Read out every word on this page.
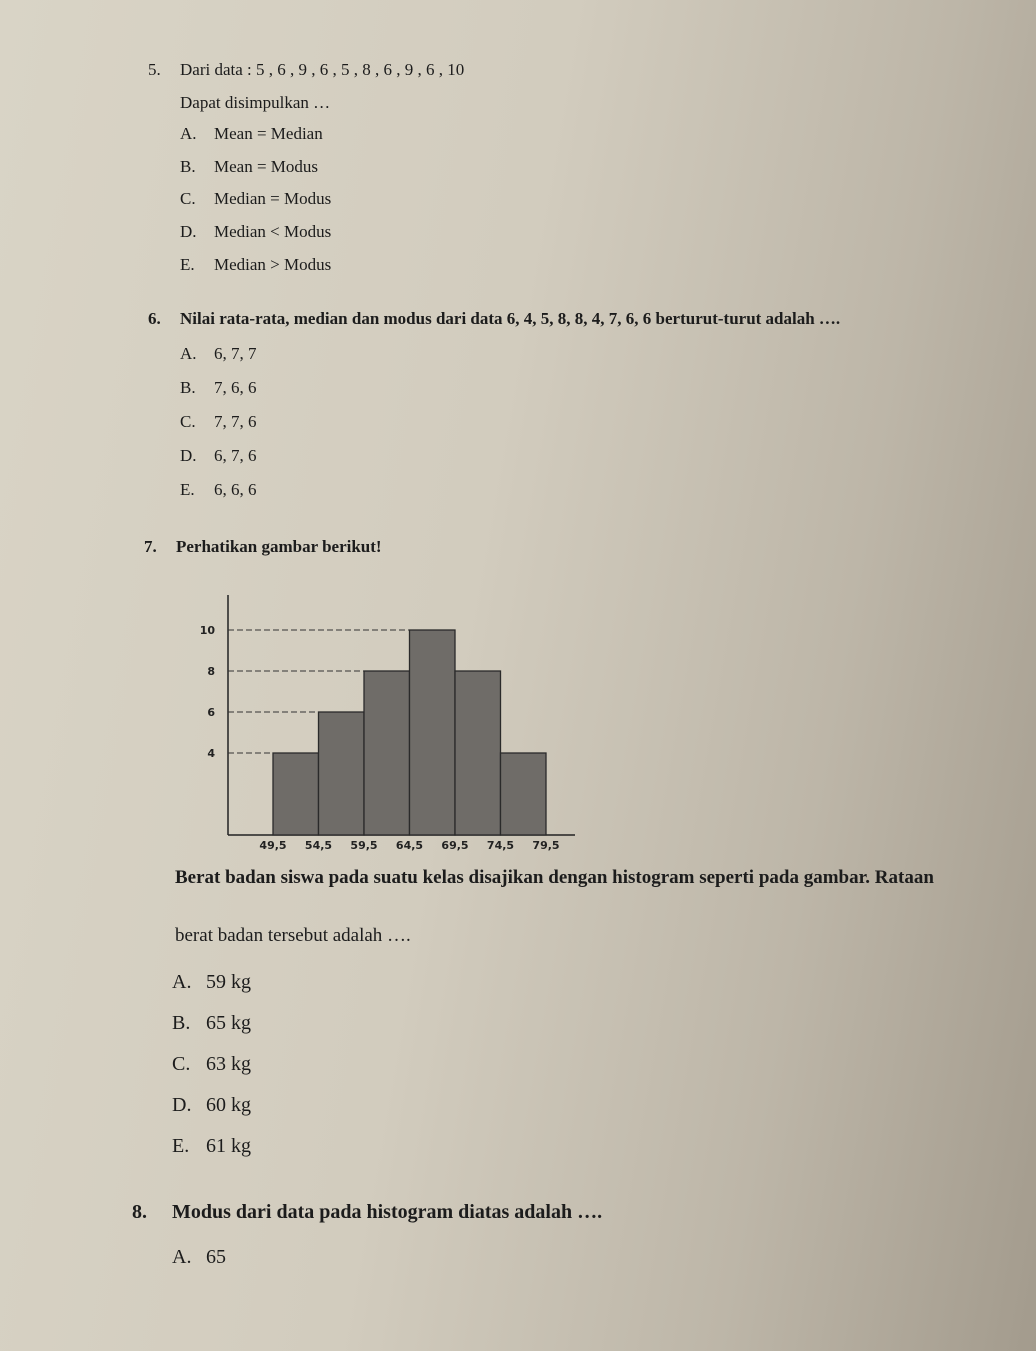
5. Dari data : 5 , 6 , 9 , 6 , 5 , 8 , 6 , 9 , 6 , 10
Dapat disimpulkan …
A. Mean = Median
B. Mean = Modus
C. Median = Modus
D. Median < Modus
E. Median > Modus
6. Nilai rata-rata, median dan modus dari data 6, 4, 5, 8, 8, 4, 7, 6, 6 berturut-turut adalah ….
A. 6, 7, 7
B. 7, 6, 6
C. 7, 7, 6
D. 6, 7, 6
E. 6, 6, 6
7. Perhatikan gambar berikut!
4
6
8
10
49,5 54,5 59,5 64,5 69,5 74,5 79,5
Berat badan siswa pada suatu kelas disajikan dengan histogram seperti pada gambar. Rataan
berat badan tersebut adalah ….
A. 59 kg
B. 65 kg
C. 63 kg
D. 60 kg
E. 61 kg
8. Modus dari data pada histogram diatas adalah ….
A. 65
